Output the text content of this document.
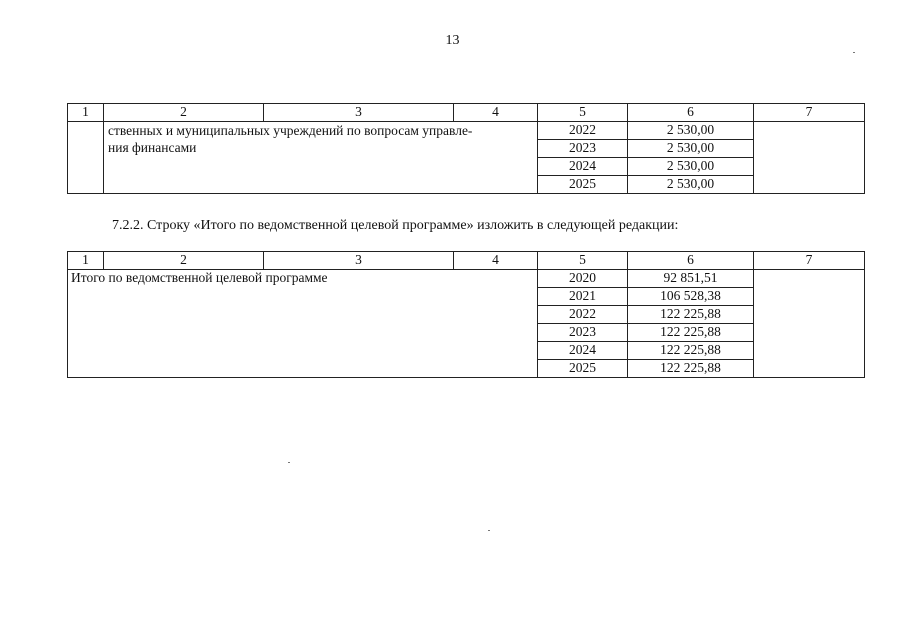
13
1	2	3	4	5	6	7
	ственных и муниципальных учреждений по вопросам управле-
ния финансами			2022	2 530,00	
				2023	2 530,00	
				2024	2 530,00	
				2025	2 530,00	
7.2.2. Строку «Итого по ведомственной целевой программе» изложить в следующей редакции:
1	2	3	4	5	6	7
Итого по ведомственной целевой программе				2020	92 851,51	
				2021	106 528,38	
				2022	122 225,88	
				2023	122 225,88	
				2024	122 225,88	
				2025	122 225,88	
